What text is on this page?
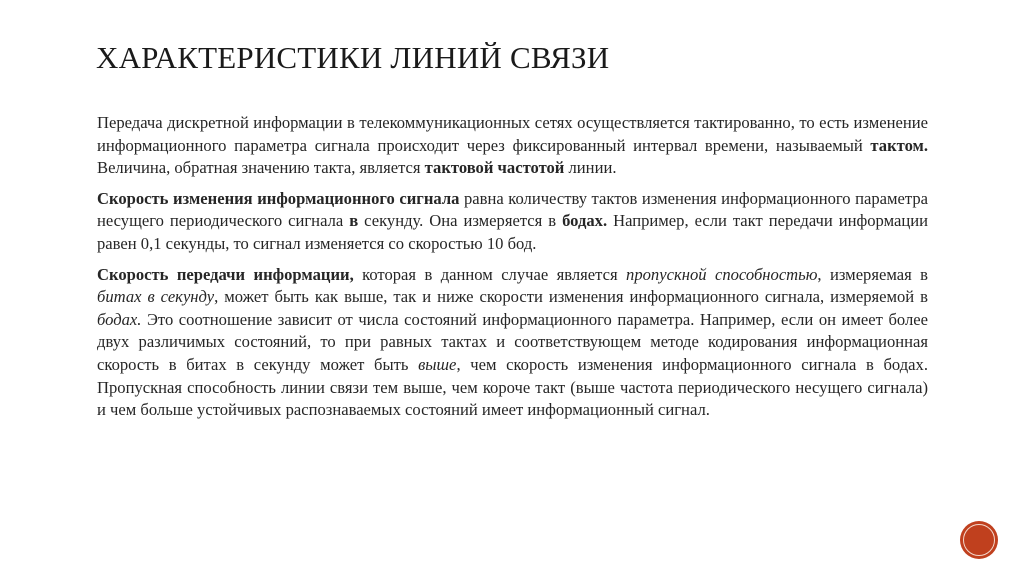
ХАРАКТЕРИСТИКИ ЛИНИЙ СВЯЗИ

Передача дискретной информации в телекоммуникационных сетях осуществляется тактированно, то есть изменение информационного параметра сигнала происходит через фиксированный интервал времени, называемый тактом. Величина, обратная значению такта, является тактовой частотой линии.

Скорость изменения информационного сигнала равна количеству тактов изменения информационного параметра несущего периодического сигнала в секунду. Она измеряется в бодах. Например, если такт передачи информации равен 0,1 секунды, то сигнал изменяется со скоростью 10 бод.

Скорость передачи информации, которая в данном случае является пропускной способностью, измеряемая в битах в секунду, может быть как выше, так и ниже скорости изменения информационного сигнала, измеряемой в бодах. Это соотношение зависит от числа состояний информационного параметра. Например, если он имеет более двух различимых состояний, то при равных тактах и соответствующем методе кодирования информационная скорость в битах в секунду может быть выше, чем скорость изменения информационного сигнала в бодах. Пропускная способность линии связи тем выше, чем короче такт (выше частота периодического несущего сигнала) и чем больше устойчивых распознаваемых состояний имеет информационный сигнал.
